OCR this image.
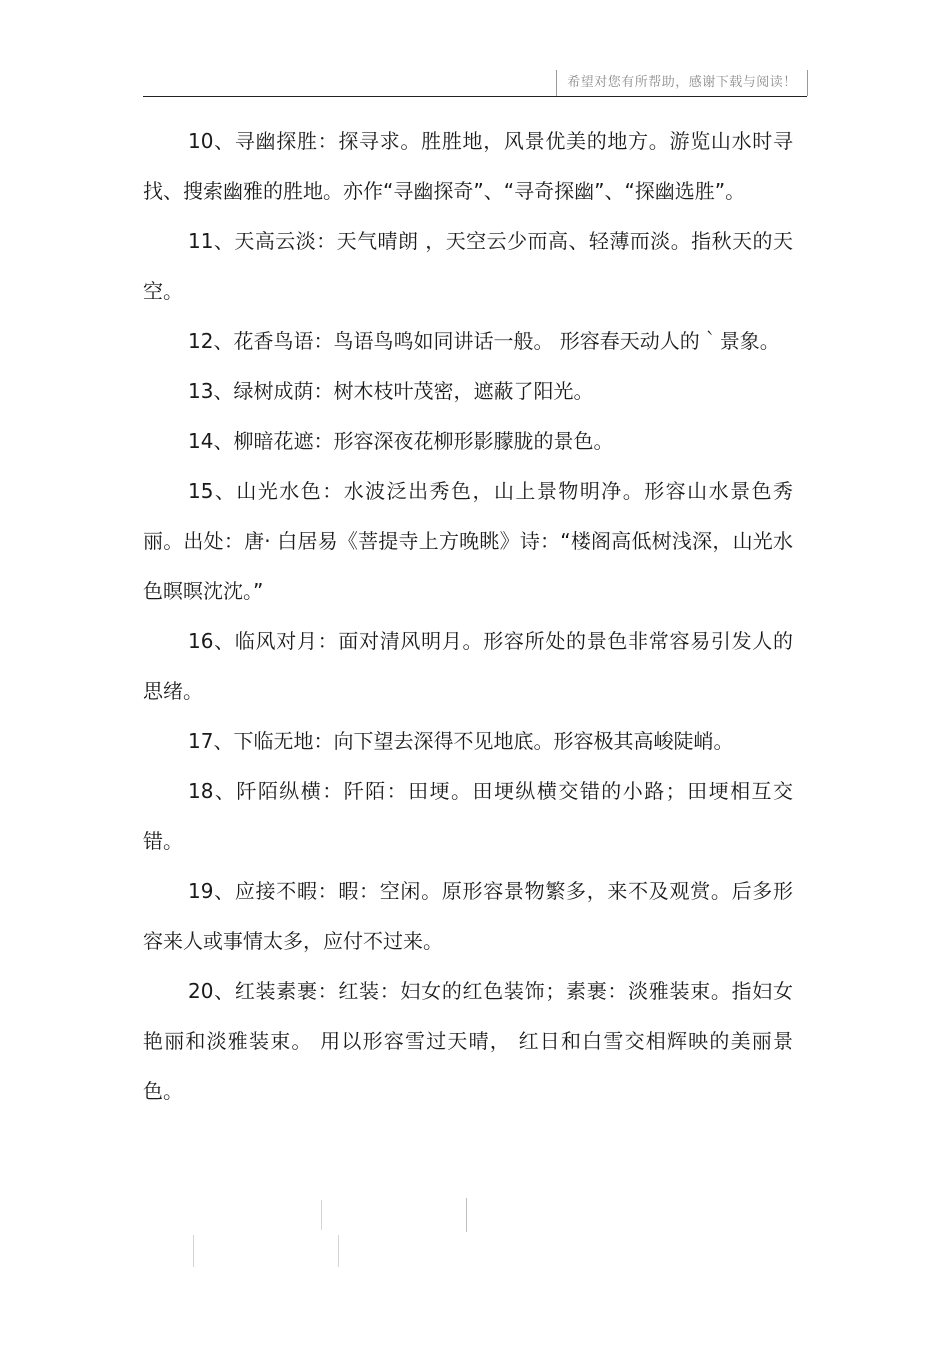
希望对您有所帮助，感谢下载与阅读！

10、寻幽探胜：探寻求。胜胜地，风景优美的地方。游览山水时寻找、搜索幽雅的胜地。亦作“寻幽探奇”、“寻奇探幽”、“探幽选胜”。

11、天高云淡：天气晴朗 ，天空云少而高、轻薄而淡。指秋天的天空。

12、花香鸟语：鸟语鸟鸣如同讲话一般。 形容春天动人的｀景象。

13、绿树成荫：树木枝叶茂密，遮蔽了阳光。

14、柳暗花遮：形容深夜花柳形影朦胧的景色。

15、山光水色：水波泛出秀色，山上景物明净。形容山水景色秀丽。出处：唐· 白居易《菩提寺上方晚眺》诗：“楼阁高低树浅深，山光水色暝暝沈沈。”

16、临风对月：面对清风明月。形容所处的景色非常容易引发人的思绪。

17、下临无地：向下望去深得不见地底。形容极其高峻陡峭。

18、阡陌纵横：阡陌：田埂。田埂纵横交错的小路；田埂相互交错。

19、应接不暇：暇：空闲。原形容景物繁多，来不及观赏。后多形容来人或事情太多，应付不过来。

20、红装素裹：红装：妇女的红色装饰；素裹：淡雅装束。指妇女艳丽和淡雅装束。 用以形容雪过天晴， 红日和白雪交相辉映的美丽景色。
